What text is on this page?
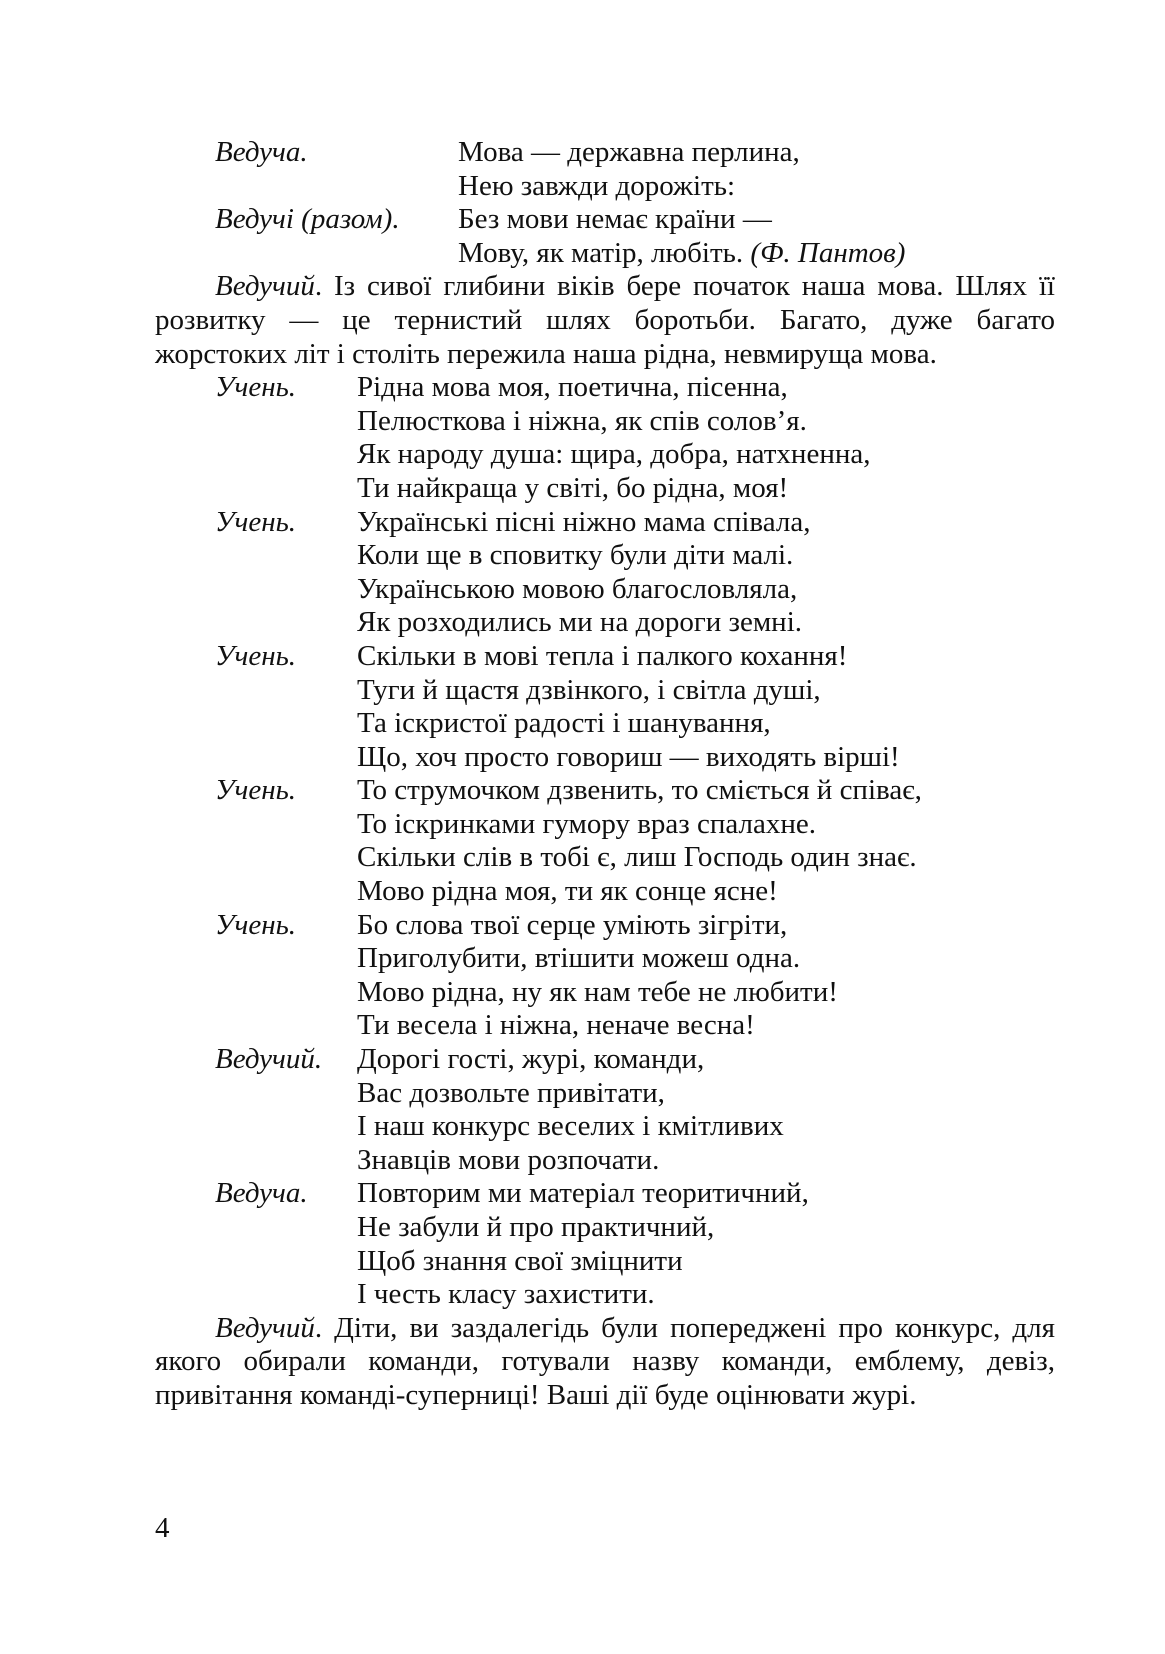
Ведуча.	Мова — державна перлина,
Нею завжди дорожіть:
Ведучі (разом). Без мови немає країни —
Мову, як матір, любіть. (Ф. Пантов)

Ведучий. Із сивої глибини віків бере початок наша мова. Шлях її розвитку — це тернистий шлях боротьби. Багато, дуже багато жорстоких літ і століть пережила наша рідна, невмируща мова.

Учень. Рідна мова моя, поетична, пісенна,
Пелюсткова і ніжна, як спів солов’я.
Як народу душа: щира, добра, натхненна,
Ти найкраща у світі, бо рідна, моя!
Учень. Українські пісні ніжно мама співала,
Коли ще в сповитку були діти малі.
Українською мовою благословляла,
Як розходились ми на дороги земні.
Учень. Скільки в мові тепла і палкого кохання!
Туги й щастя дзвінкого, і світла душі,
Та іскристої радості і шанування,
Що, хоч просто говориш — виходять вірші!
Учень. То струмочком дзвенить, то сміється й співає,
То іскринками гумору враз спалахне.
Скільки слів в тобі є, лиш Господь один знає.
Мово рідна моя, ти як сонце ясне!
Учень. Бо слова твої серце уміють зігріти,
Приголубити, втішити можеш одна.
Мово рідна, ну як нам тебе не любити!
Ти весела і ніжна, неначе весна!
Ведучий. Дорогі гості, журі, команди,
Вас дозвольте привітати,
І наш конкурс веселих і кмітливих
Знавців мови розпочати.
Ведуча. Повторим ми матеріал теоритичний,
Не забули й про практичний,
Щоб знання свої зміцнити
І честь класу захистити.

Ведучий. Діти, ви заздалегідь були попереджені про конкурс, для якого обирали команди, готували назву команди, емблему, девіз, привітання команді-суперниці! Ваші дії буде оцінювати журі.

4
